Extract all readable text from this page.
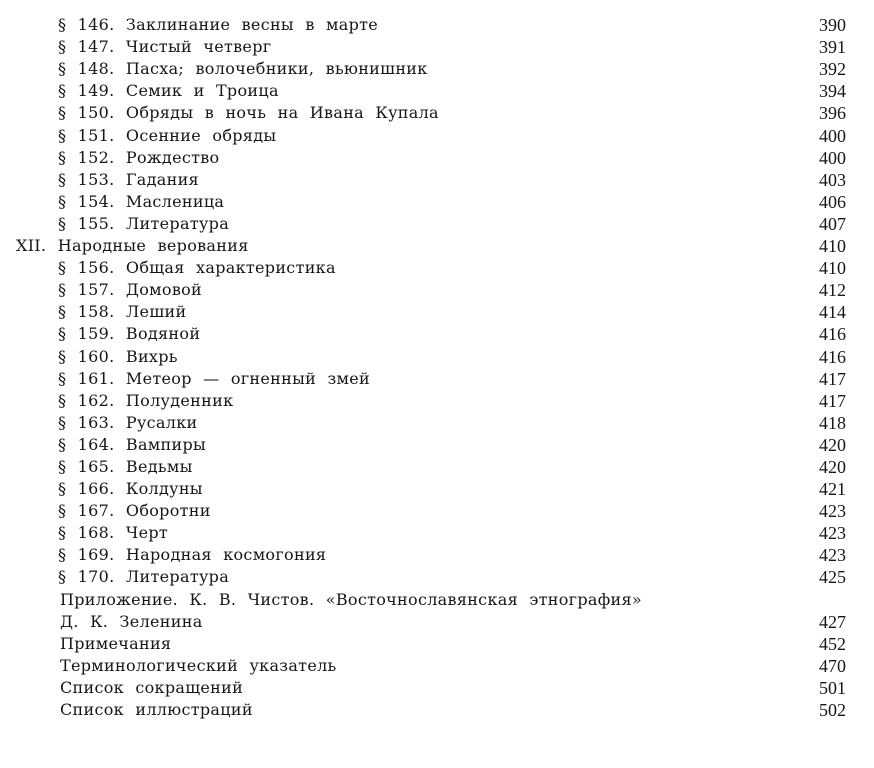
§ 146. Заклинание весны в марте	390
§ 147. Чистый четверг	391
§ 148. Пасха; волочебники, вьюнишник	392
§ 149. Семик и Троица	394
§ 150. Обряды в ночь на Ивана Купала	396
§ 151. Осенние обряды	400
§ 152. Рождество	400
§ 153. Гадания	403
§ 154. Масленица	406
§ 155. Литература	407
XII. Народные верования	410
§ 156. Общая характеристика	410
§ 157. Домовой	412
§ 158. Леший	414
§ 159. Водяной	416
§ 160. Вихрь	416
§ 161. Метеор — огненный змей	417
§ 162. Полуденник	417
§ 163. Русалки	418
§ 164. Вампиры	420
§ 165. Ведьмы	420
§ 166. Колдуны	421
§ 167. Оборотни	423
§ 168. Черт	423
§ 169. Народная космогония	423
§ 170. Литература	425
Приложение. К. В. Чистов. «Восточнославянская этнография»
Д. К. Зеленина	427
Примечания	452
Терминологический указатель	470
Список сокращений	501
Список иллюстраций	502
